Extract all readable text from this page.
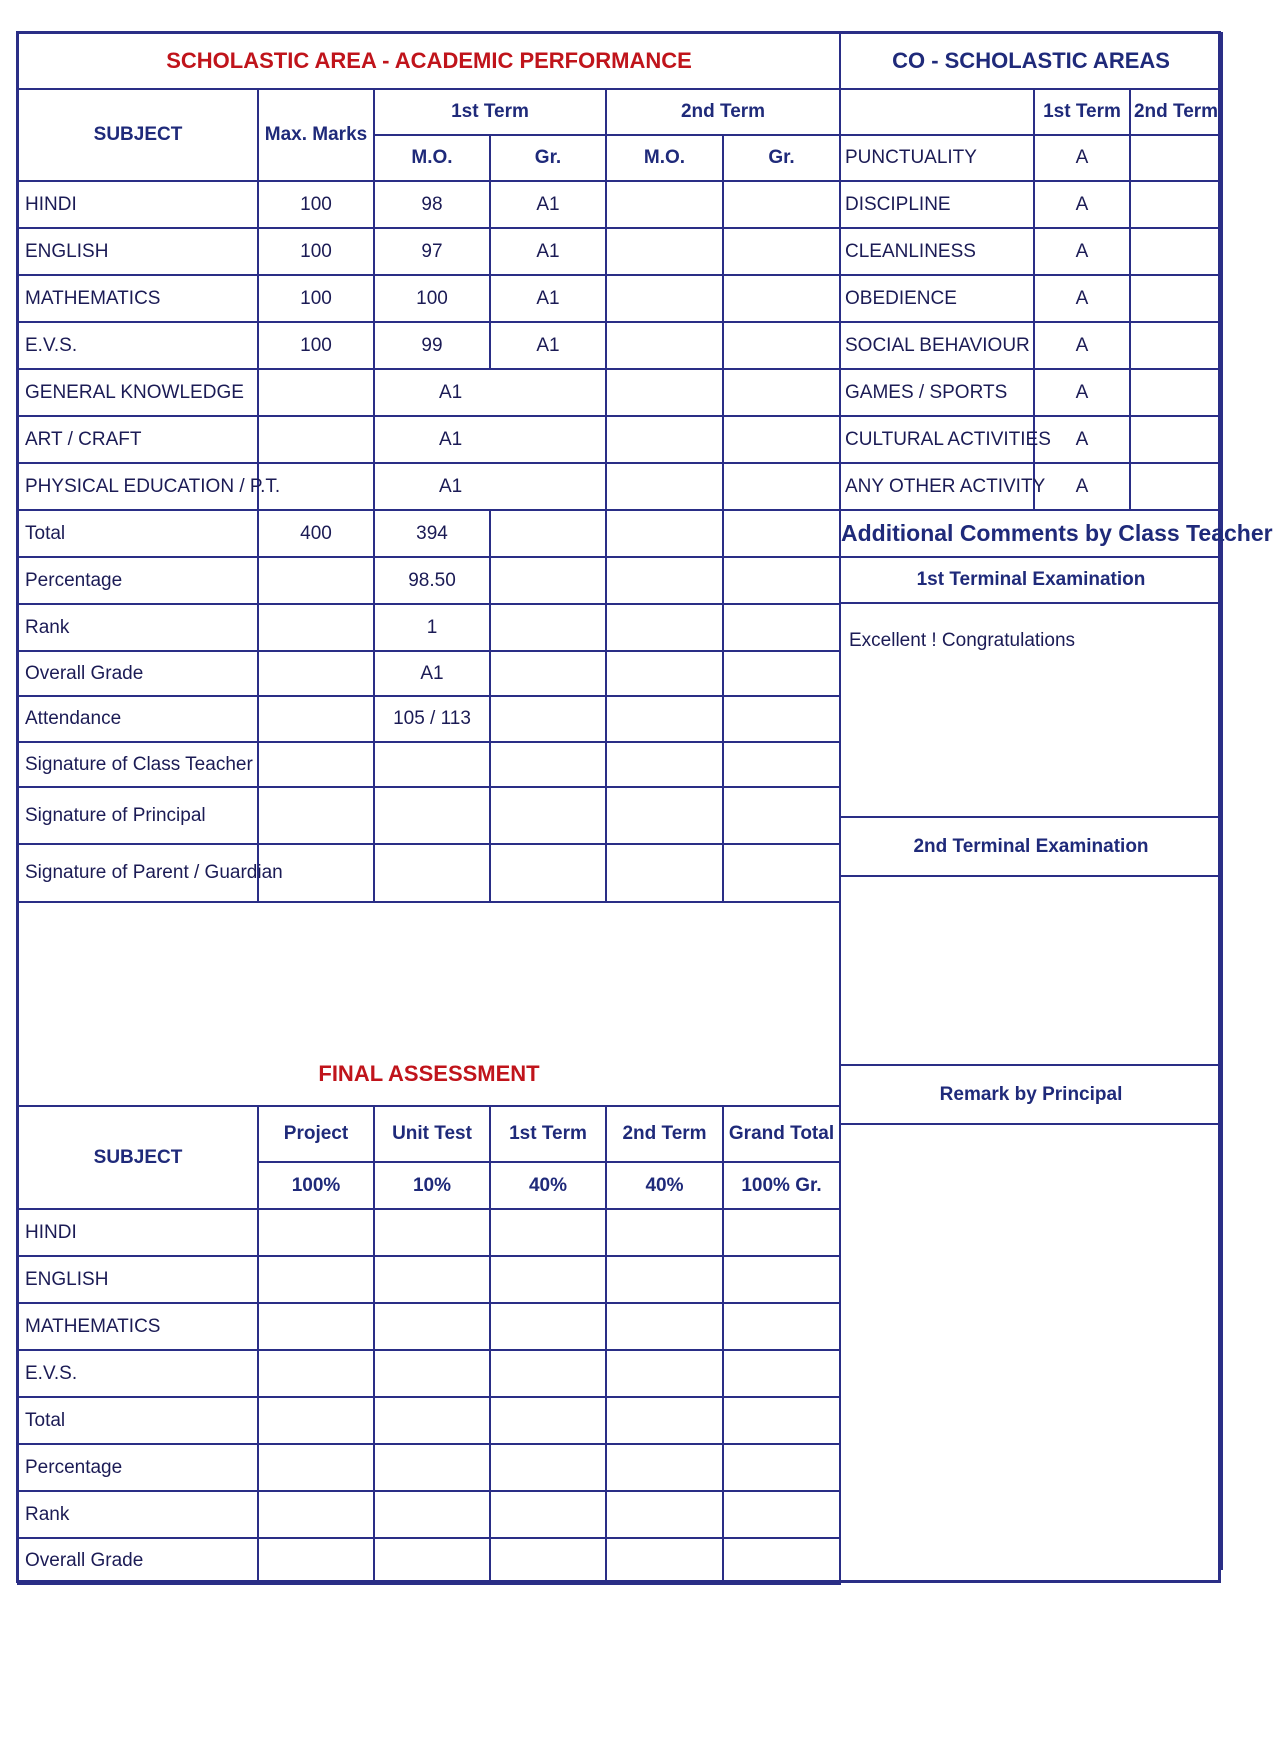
SCHOLASTIC AREA - ACADEMIC PERFORMANCE					
SUBJECT	Max. Marks	1st Term		2nd Term	
		M.O.	Gr.	M.O.	Gr.
HINDI	100	98	A1		
ENGLISH	100	97	A1		
MATHEMATICS	100	100	A1		
E.V.S.	100	99	A1		
GENERAL KNOWLEDGE		A1			
ART / CRAFT		A1			
PHYSICAL EDUCATION / P.T.		A1			
Total	400	394			
Percentage		98.50			
Rank		1			
Overall Grade		A1			
Attendance		105 / 113			
Signature of Class Teacher					
Signature of Principal					
Signature of Parent / Guardian					
FINAL ASSESSMENT
SUBJECT	Project	Unit Test	1st Term	2nd Term	Grand Total
	100%	10%	40%	40%	100% Gr.
HINDI					
ENGLISH					
MATHEMATICS					
E.V.S.					
Total					
Percentage					
Rank					
Overall Grade					
CO - SCHOLASTIC AREAS		
	1st Term	2nd Term
PUNCTUALITY	A	
DISCIPLINE	A	
CLEANLINESS	A	
OBEDIENCE	A	
SOCIAL BEHAVIOUR	A	
GAMES / SPORTS	A	
CULTURAL ACTIVITIES	A	
ANY OTHER ACTIVITY	A	
Additional Comments by Class Teacher		
1st Terminal Examination		

Excellent ! Congratulations		

2nd Terminal Examination		

Remark by Principal		
